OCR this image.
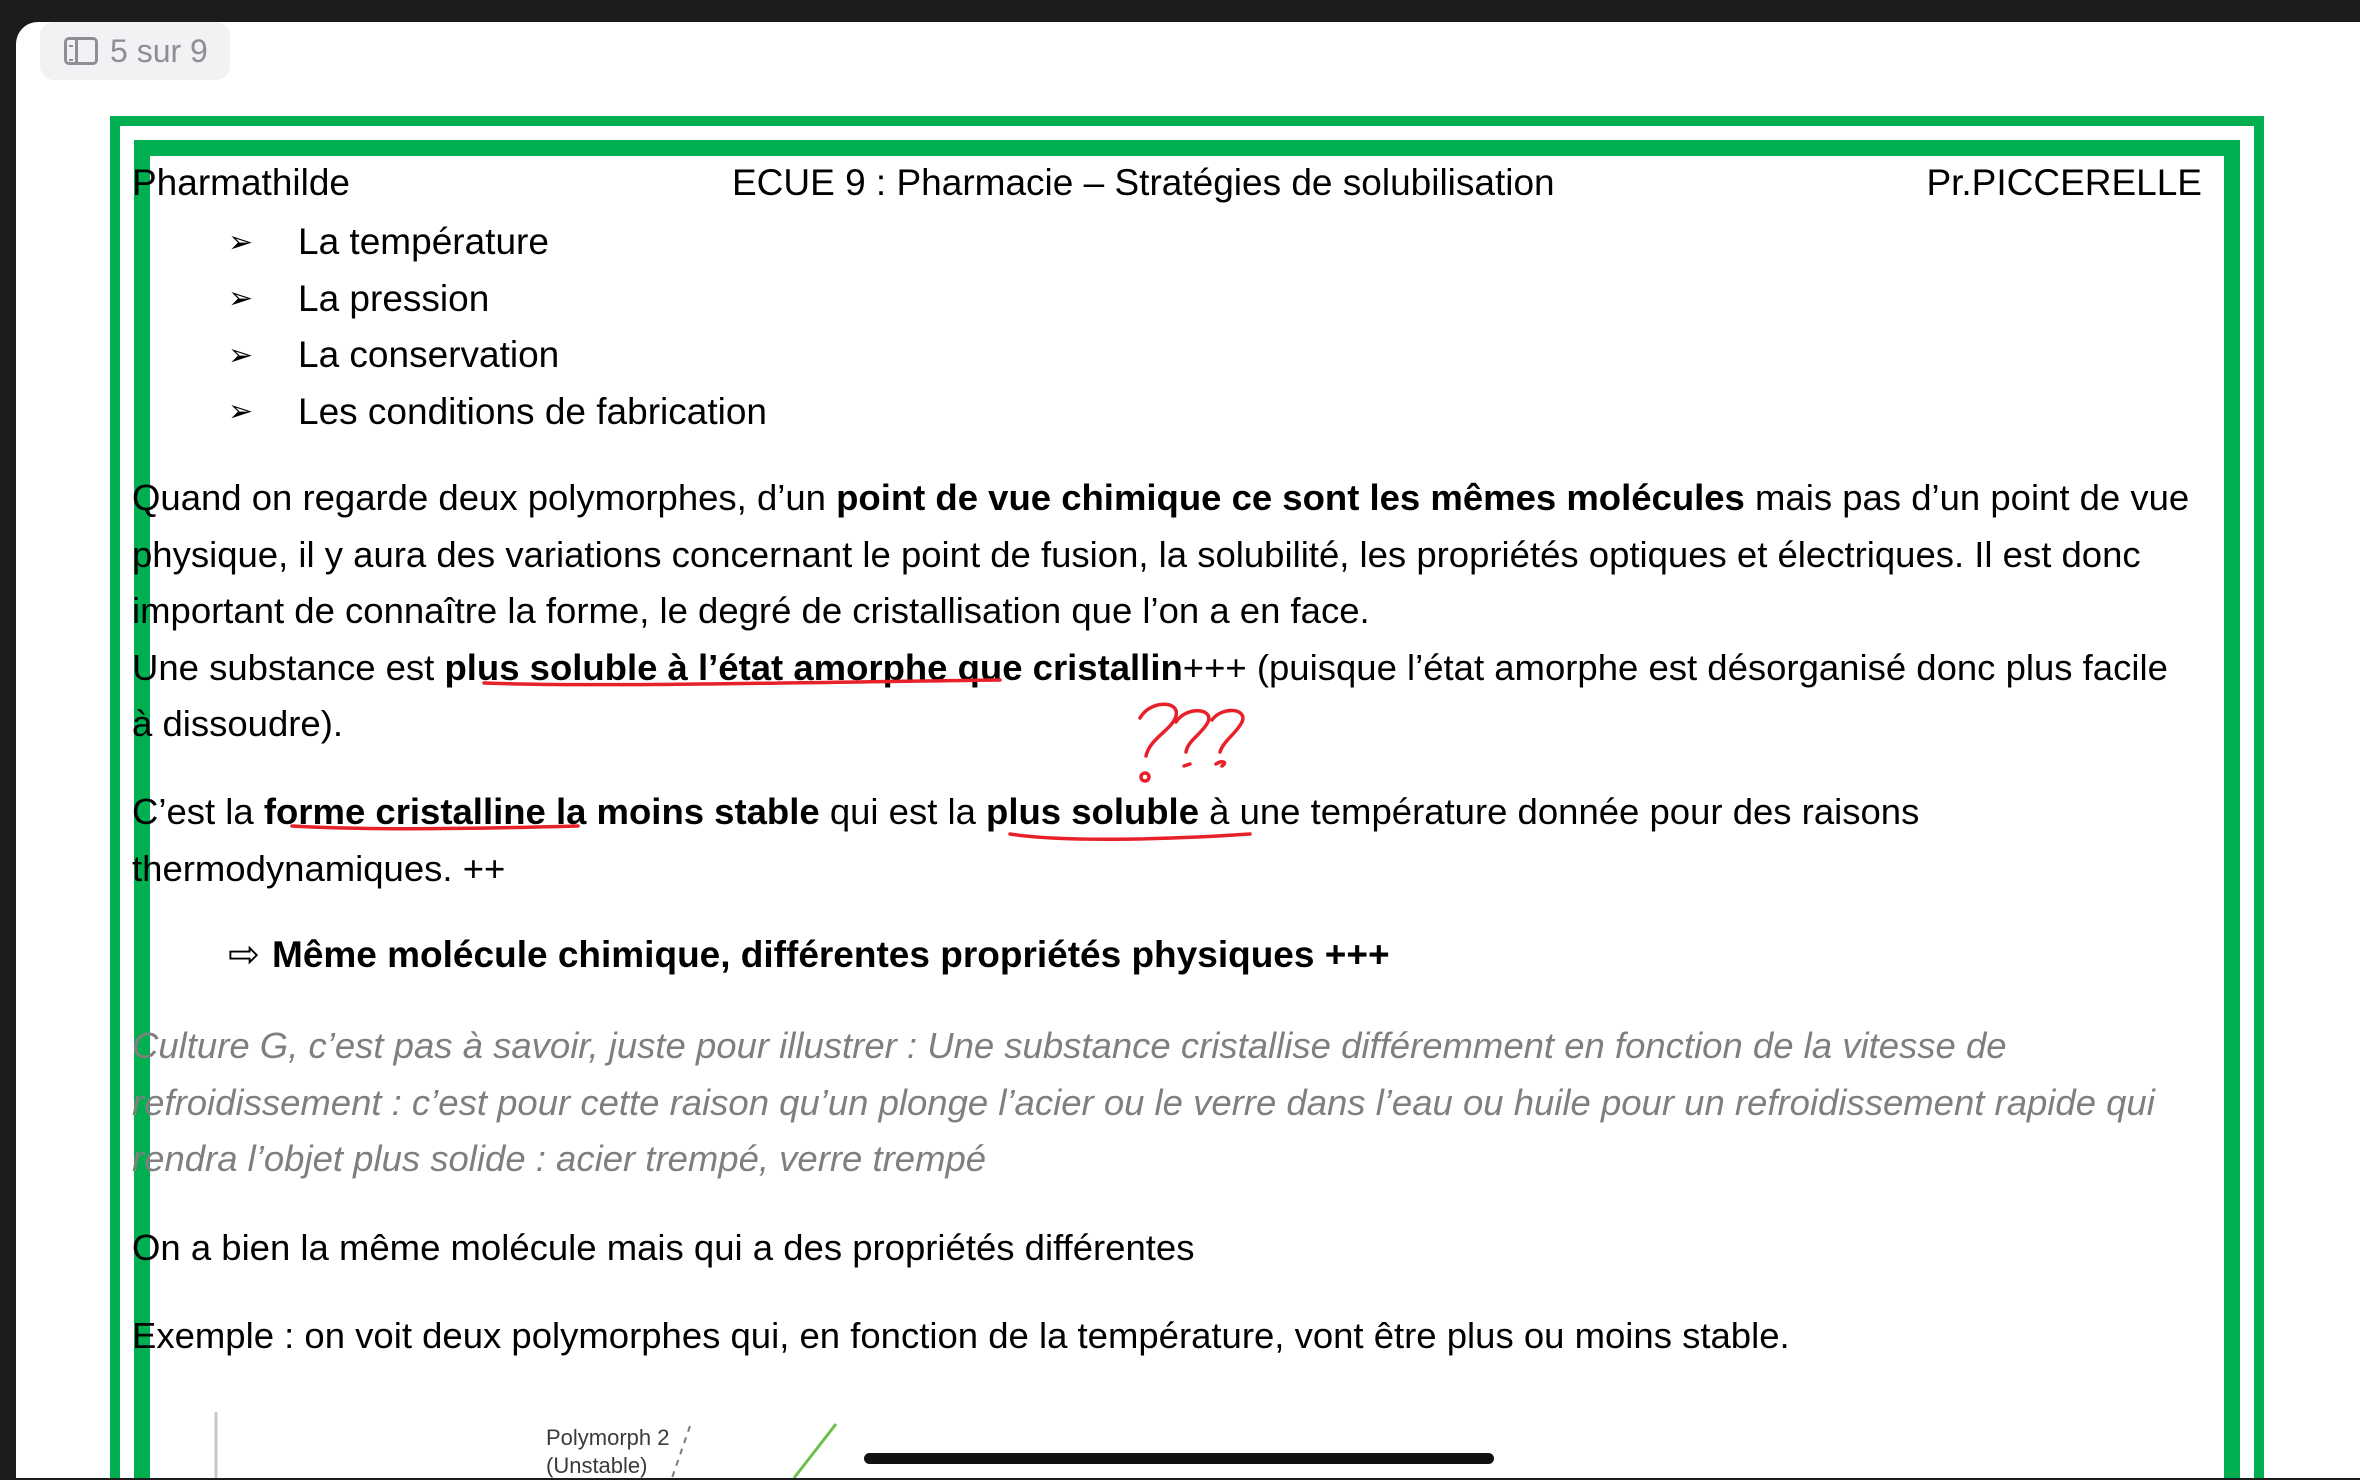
5 sur 9
Pharmathilde	ECUE 9 : Pharmacie – Stratégies de solubilisation	Pr.PICCERELLE
➢	La température
➢	La pression
➢	La conservation
➢	Les conditions de fabrication
Quand on regarde deux polymorphes, d’un point de vue chimique ce sont les mêmes molécules mais pas d’un point de vue physique, il y aura des variations concernant le point de fusion, la solubilité, les propriétés optiques et électriques. Il est donc important de connaître la forme, le degré de cristallisation que l’on a en face.
Une substance est plus soluble à l’état amorphe que cristallin+++ (puisque l’état amorphe est désorganisé donc plus facile à dissoudre).
C’est la forme cristalline la moins stable qui est la plus soluble à une température donnée pour des raisons thermodynamiques. ++
⇨ Même molécule chimique, différentes propriétés physiques +++
Culture G, c’est pas à savoir, juste pour illustrer : Une substance cristallise différemment en fonction de la vitesse de refroidissement : c’est pour cette raison qu’un plonge l’acier ou le verre dans l’eau ou huile pour un refroidissement rapide qui rendra l’objet plus solide : acier trempé, verre trempé
On a bien la même molécule mais qui a des propriétés différentes
Exemple : on voit deux polymorphes qui, en fonction de la température, vont être plus ou moins stable.
Polymorph 2
(Unstable)
